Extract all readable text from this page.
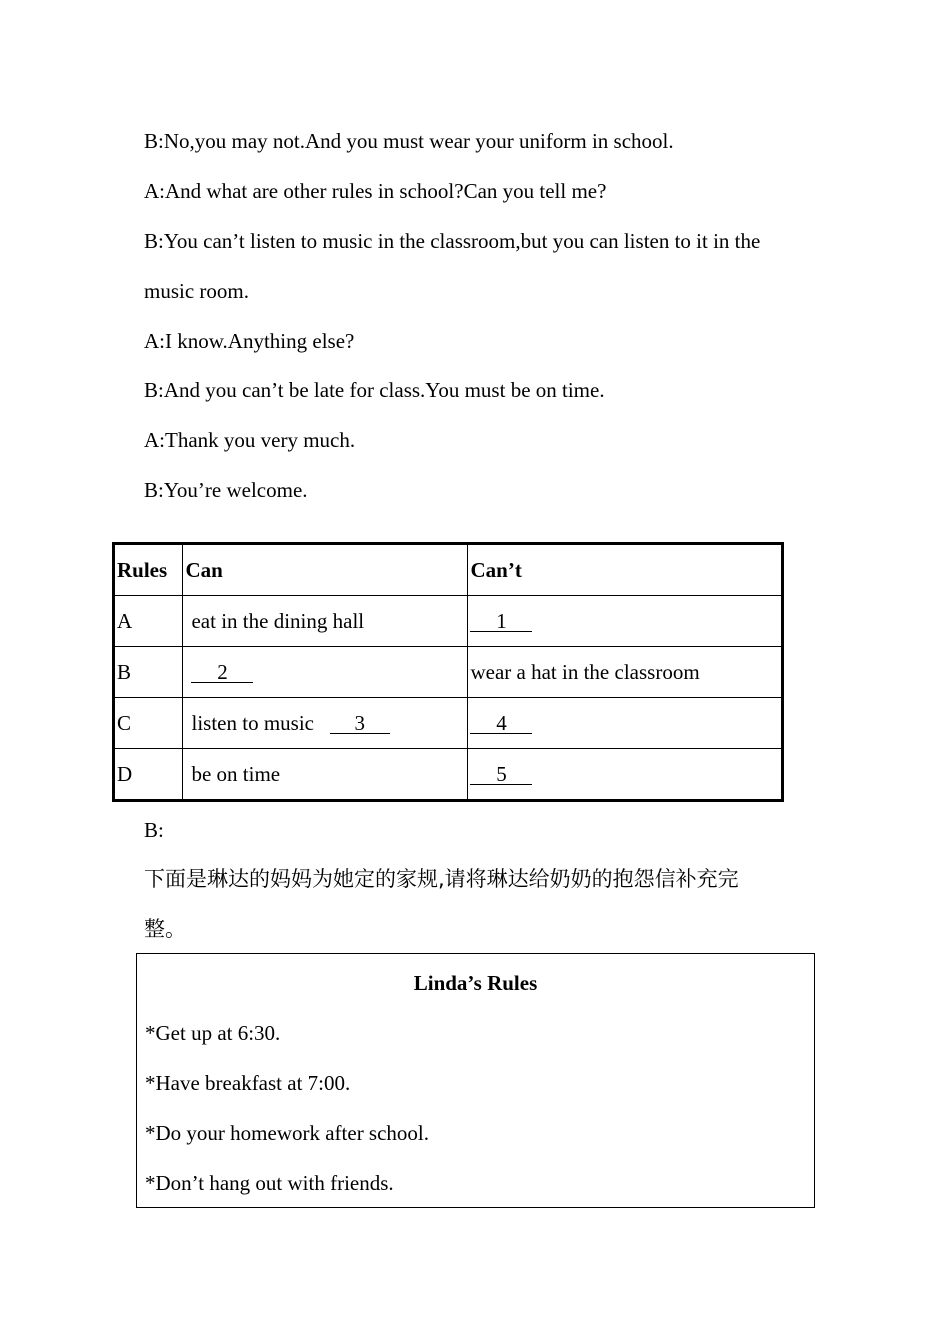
B:No,you may not.And you must wear your uniform in school.
A:And what are other rules in school?Can you tell me?
B:You can’t listen to music in the classroom,but you can listen to it in the
music room.
A:I know.Anything else?
B:And you can’t be late for class.You must be on time.
A:Thank you very much.
B:You’re welcome.
Rules	Can	Can’t
A	eat in the dining hall	1
B	2	wear a hat in the classroom
C	listen to music 3	4
D	be on time	5
B:
下面是琳达的妈妈为她定的家规,请将琳达给奶奶的抱怨信补充完
整。
Linda’s Rules
*Get up at 6:30.
*Have breakfast at 7:00.
*Do your homework after school.
*Don’t hang out with friends.
